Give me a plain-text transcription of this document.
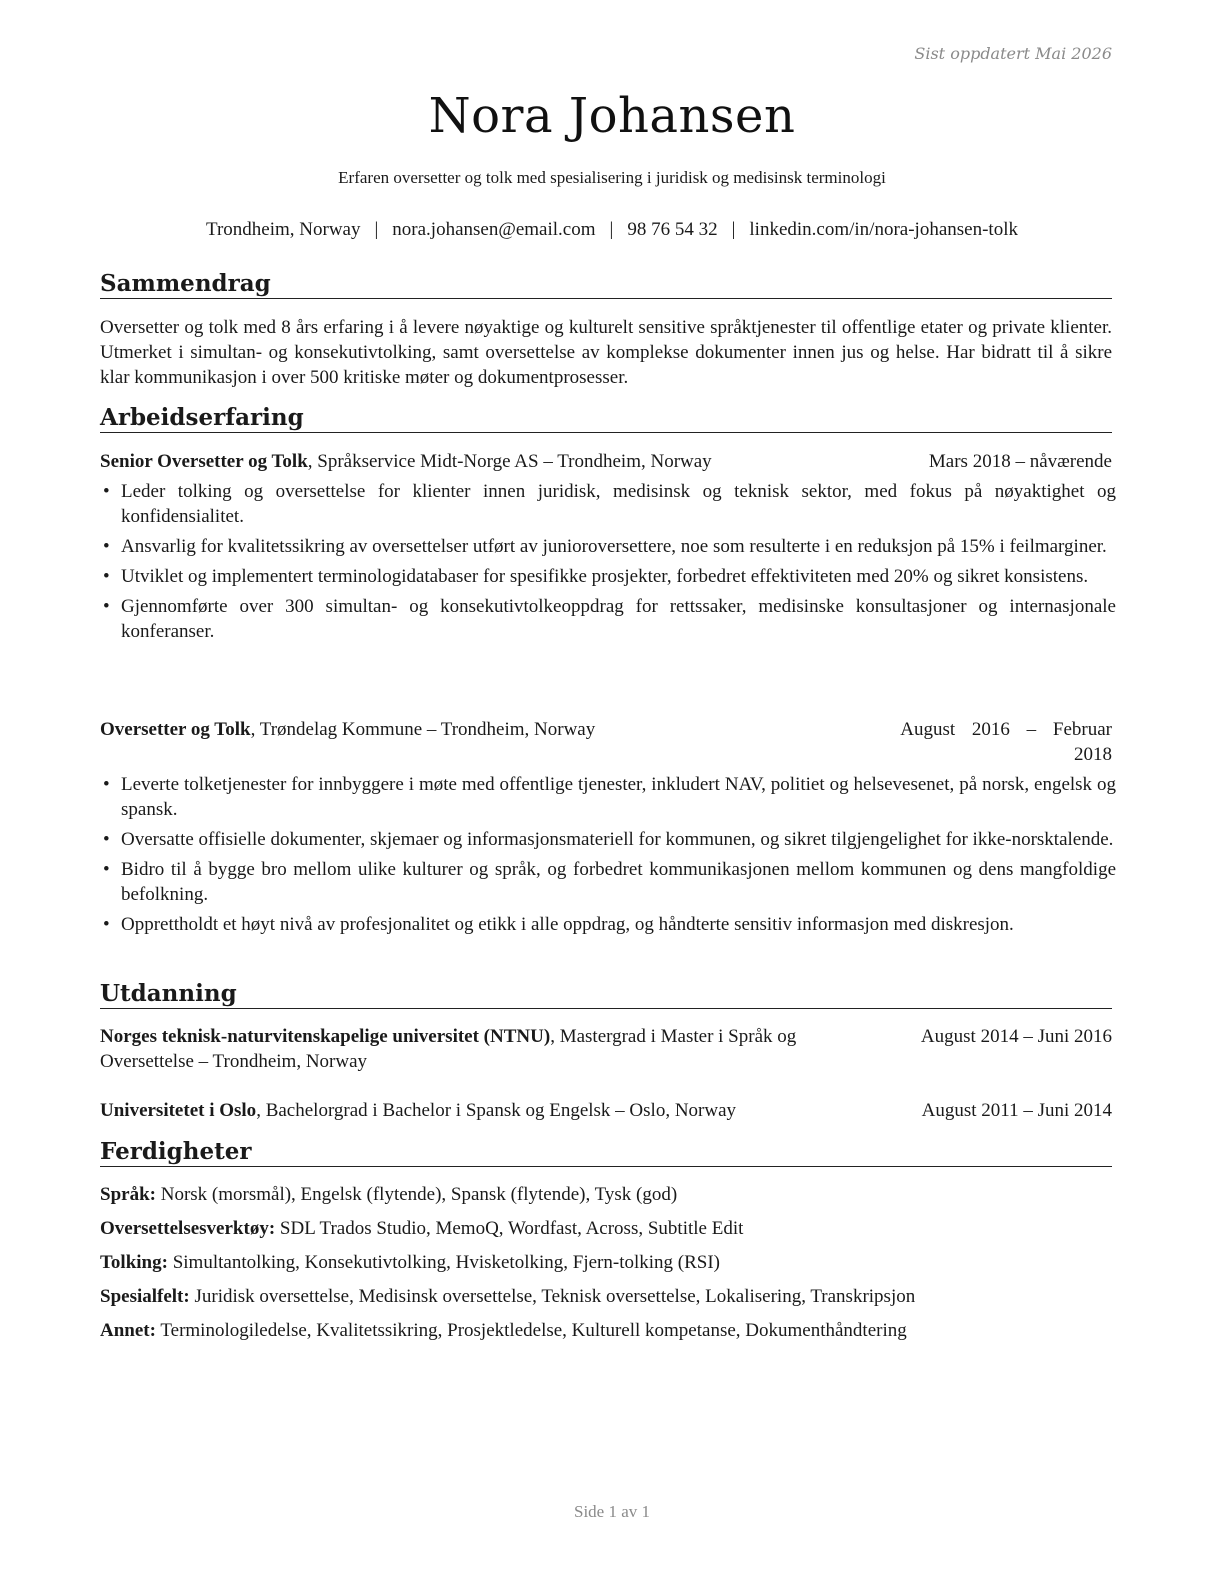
Sist oppdatert Mai 2026
Nora Johansen
Erfaren oversetter og tolk med spesialisering i juridisk og medisinsk terminologi
Trondheim, Norway | nora.johansen@email.com | 98 76 54 32 | linkedin.com/in/nora-johansen-tolk
Sammendrag
Oversetter og tolk med 8 års erfaring i å levere nøyaktige og kulturelt sensitive språktjenester til offentlige etater og private klienter. Utmerket i simultan- og konsekutivtolking, samt oversettelse av komplekse dokumenter innen jus og helse. Har bidratt til å sikre klar kommunikasjon i over 500 kritiske møter og dokumentprosesser.
Arbeidserfaring
Senior Oversetter og Tolk, Språkservice Midt-Norge AS – Trondheim, Norway	Mars 2018 – nåværende
• Leder tolking og oversettelse for klienter innen juridisk, medisinsk og teknisk sektor, med fokus på nøyaktighet og konfidensialitet.
• Ansvarlig for kvalitetssikring av oversettelser utført av junioroversettere, noe som resulterte i en reduksjon på 15% i feilmarginer.
• Utviklet og implementert terminologidatabaser for spesifikke prosjekter, forbedret effektiviteten med 20% og sikret konsistens.
• Gjennomførte over 300 simultan- og konsekutivtolkeoppdrag for rettssaker, medisinske konsultasjoner og internasjonale konferanser.
Oversetter og Tolk, Trøndelag Kommune – Trondheim, Norway	August 2016 – Februar
2018
• Leverte tolketjenester for innbyggere i møte med offentlige tjenester, inkludert NAV, politiet og helsevesenet, på norsk, engelsk og spansk.
• Oversatte offisielle dokumenter, skjemaer og informasjonsmateriell for kommunen, og sikret tilgjengelighet for ikke-norsktalende.
• Bidro til å bygge bro mellom ulike kulturer og språk, og forbedret kommunikasjonen mellom kommunen og dens mangfoldige befolkning.
• Opprettholdt et høyt nivå av profesjonalitet og etikk i alle oppdrag, og håndterte sensitiv informasjon med diskresjon.
Utdanning
Norges teknisk-naturvitenskapelige universitet (NTNU), Mastergrad i Master i Språk og
Oversettelse – Trondheim, Norway
August 2014 – Juni 2016
Universitetet i Oslo, Bachelorgrad i Bachelor i Spansk og Engelsk – Oslo, Norway	August 2011 – Juni 2014
Ferdigheter
Språk: Norsk (morsmål), Engelsk (flytende), Spansk (flytende), Tysk (god)
Oversettelsesverktøy: SDL Trados Studio, MemoQ, Wordfast, Across, Subtitle Edit
Tolking: Simultantolking, Konsekutivtolking, Hvisketolking, Fjern-tolking (RSI)
Spesialfelt: Juridisk oversettelse, Medisinsk oversettelse, Teknisk oversettelse, Lokalisering, Transkripsjon
Annet: Terminologiledelse, Kvalitetssikring, Prosjektledelse, Kulturell kompetanse, Dokumenthåndtering
Side 1 av 1
